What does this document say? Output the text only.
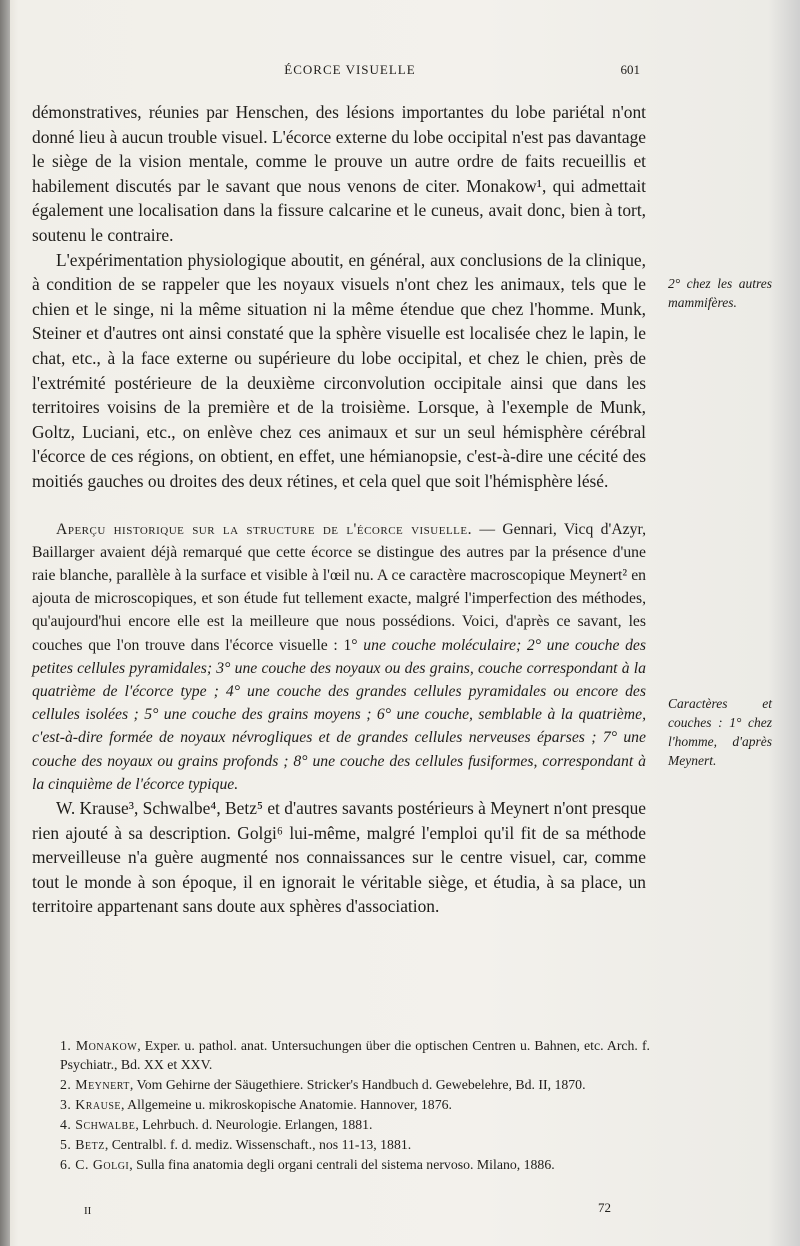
ÉCORCE VISUELLE	601

démonstratives, réunies par Henschen, des lésions importantes du lobe pariétal n'ont donné lieu à aucun trouble visuel. L'écorce externe du lobe occipital n'est pas davantage le siège de la vision mentale, comme le prouve un autre ordre de faits recueillis et habilement discutés par le savant que nous venons de citer. Monakow¹, qui admettait également une localisation dans la fissure calcarine et le cuneus, avait donc, bien à tort, soutenu le contraire.

L'expérimentation physiologique aboutit, en général, aux conclusions de la clinique, à condition de se rappeler que les noyaux visuels n'ont chez les animaux, tels que le chien et le singe, ni la même situation ni la même étendue que chez l'homme. Munk, Steiner et d'autres ont ainsi constaté que la sphère visuelle est localisée chez le lapin, le chat, etc., à la face externe ou supérieure du lobe occipital, et chez le chien, près de l'extrémité postérieure de la deuxième circonvolution occipitale ainsi que dans les territoires voisins de la première et de la troisième. Lorsque, à l'exemple de Munk, Goltz, Luciani, etc., on enlève chez ces animaux et sur un seul hémisphère cérébral l'écorce de ces régions, on obtient, en effet, une hémianopsie, c'est-à-dire une cécité des moitiés gauches ou droites des deux rétines, et cela quel que soit l'hémisphère lésé.

Aperçu historique sur la structure de l'écorce visuelle. — Gennari, Vicq d'Azyr, Baillarger avaient déjà remarqué que cette écorce se distingue des autres par la présence d'une raie blanche, parallèle à la surface et visible à l'œil nu. A ce caractère macroscopique Meynert² en ajouta de microscopiques, et son étude fut tellement exacte, malgré l'imperfection des méthodes, qu'aujourd'hui encore elle est la meilleure que nous possédions. Voici, d'après ce savant, les couches que l'on trouve dans l'écorce visuelle : 1° une couche moléculaire; 2° une couche des petites cellules pyramidales; 3° une couche des noyaux ou des grains, couche correspondant à la quatrième de l'écorce type ; 4° une couche des grandes cellules pyramidales ou encore des cellules isolées ; 5° une couche des grains moyens ; 6° une couche, semblable à la quatrième, c'est-à-dire formée de noyaux névrogliques et de grandes cellules nerveuses éparses ; 7° une couche des noyaux ou grains profonds ; 8° une couche des cellules fusiformes, correspondant à la cinquième de l'écorce typique.

W. Krause³, Schwalbe⁴, Betz⁵ et d'autres savants postérieurs à Meynert n'ont presque rien ajouté à sa description. Golgi⁶ lui-même, malgré l'emploi qu'il fit de sa méthode merveilleuse n'a guère augmenté nos connaissances sur le centre visuel, car, comme tout le monde à son époque, il en ignorait le véritable siège, et étudia, à sa place, un territoire appartenant sans doute aux sphères d'association.

2° chez les autres mammifères.
Caractères et couches : 1° chez l'homme, d'après Meynert.

1. Monakow, Exper. u. pathol. anat. Untersuchungen über die optischen Centren u. Bahnen, etc. Arch. f. Psychiatr., Bd. XX et XXV.

2. Meynert, Vom Gehirne der Säugethiere. Stricker's Handbuch d. Gewebelehre, Bd. II, 1870.

3. Krause, Allgemeine u. mikroskopische Anatomie. Hannover, 1876.

4. Schwalbe, Lehrbuch. d. Neurologie. Erlangen, 1881.

5. Betz, Centralbl. f. d. mediz. Wissenschaft., nos 11-13, 1881.

6. C. Golgi, Sulla fina anatomia degli organi centrali del sistema nervoso. Milano, 1886.

II	72
